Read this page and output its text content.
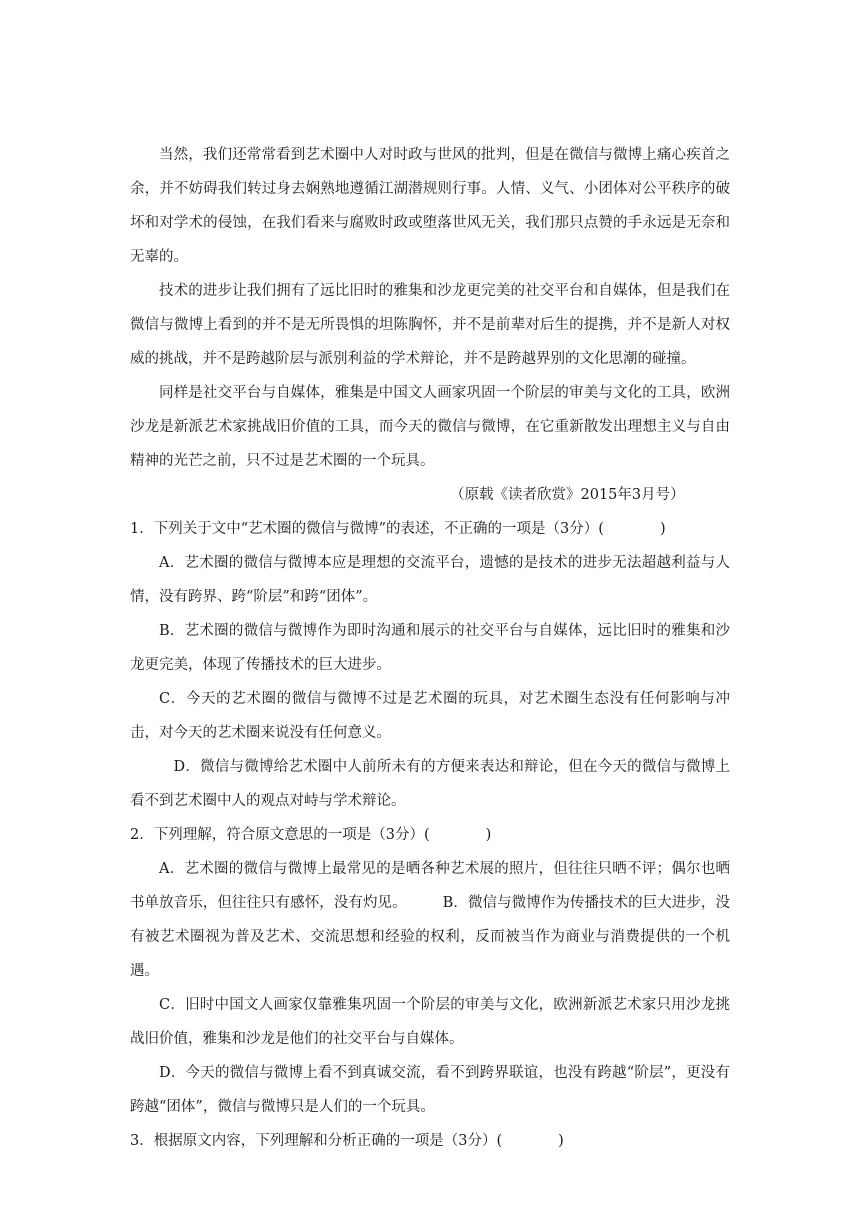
当然，我们还常常看到艺术圈中人对时政与世风的批判，但是在微信与微博上痛心疾首之余，并不妨碍我们转过身去娴熟地遵循江湖潜规则行事。人情、义气、小团体对公平秩序的破坏和对学术的侵蚀，在我们看来与腐败时政或堕落世风无关，我们那只点赞的手永远是无奈和无辜的。

技术的进步让我们拥有了远比旧时的雅集和沙龙更完美的社交平台和自媒体，但是我们在微信与微博上看到的并不是无所畏惧的坦陈胸怀，并不是前辈对后生的提携，并不是新人对权威的挑战，并不是跨越阶层与派别利益的学术辩论，并不是跨越界别的文化思潮的碰撞。

同样是社交平台与自媒体，雅集是中国文人画家巩固一个阶层的审美与文化的工具，欧洲沙龙是新派艺术家挑战旧价值的工具，而今天的微信与微博，在它重新散发出理想主义与自由精神的光芒之前，只不过是艺术圈的一个玩具。

（原载《读者欣赏》2015年3月号）

1．下列关于文中“艺术圈的微信与微博”的表述，不正确的一项是（3分）(	)

A．艺术圈的微信与微博本应是理想的交流平台，遗憾的是技术的进步无法超越利益与人情，没有跨界、跨“阶层”和跨“团体”。

B．艺术圈的微信与微博作为即时沟通和展示的社交平台与自媒体，远比旧时的雅集和沙龙更完美，体现了传播技术的巨大进步。

C．今天的艺术圈的微信与微博不过是艺术圈的玩具，对艺术圈生态没有任何影响与冲击，对今天的艺术圈来说没有任何意义。

D．微信与微博给艺术圈中人前所未有的方便来表达和辩论，但在今天的微信与微博上看不到艺术圈中人的观点对峙与学术辩论。

2．下列理解，符合原文意思的一项是（3分）(	)

A．艺术圈的微信与微博上最常见的是晒各种艺术展的照片，但往往只晒不评；偶尔也晒书单放音乐，但往往只有感怀，没有灼见。 B．微信与微博作为传播技术的巨大进步，没有被艺术圈视为普及艺术、交流思想和经验的权利，反而被当作为商业与消费提供的一个机遇。

C．旧时中国文人画家仅靠雅集巩固一个阶层的审美与文化，欧洲新派艺术家只用沙龙挑战旧价值，雅集和沙龙是他们的社交平台与自媒体。

D．今天的微信与微博上看不到真诚交流，看不到跨界联谊，也没有跨越“阶层”，更没有跨越“团体”，微信与微博只是人们的一个玩具。

3．根据原文内容，下列理解和分析正确的一项是（3分）(	)
